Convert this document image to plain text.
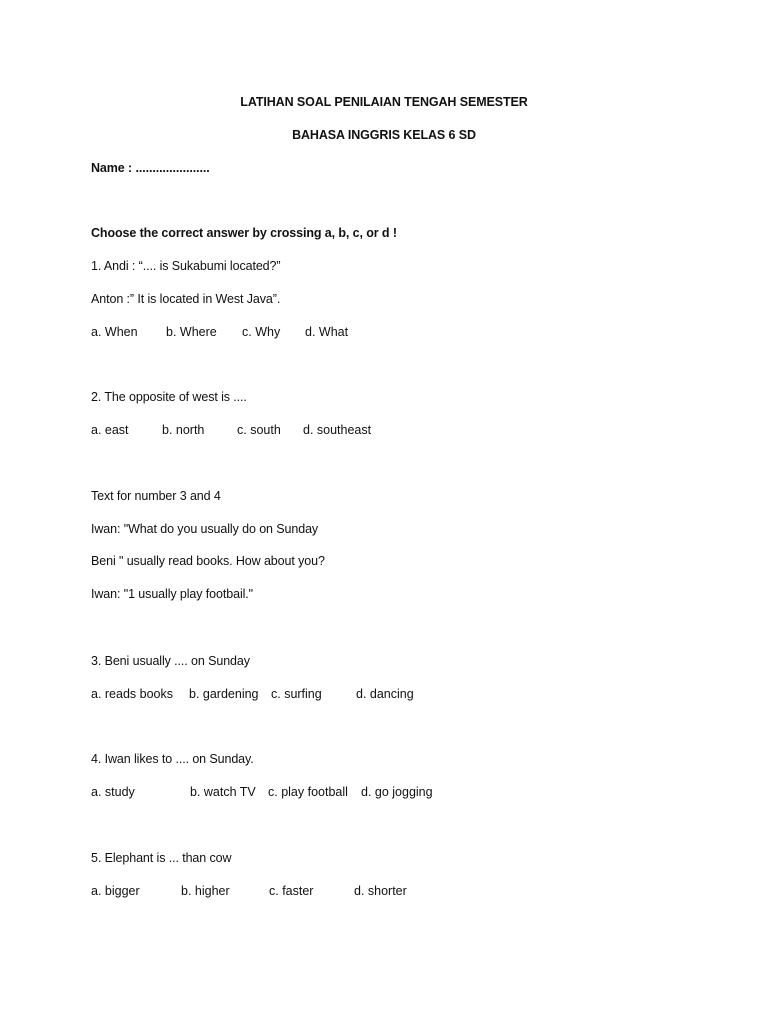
LATIHAN SOAL PENILAIAN TENGAH SEMESTER
BAHASA INGGRIS KELAS 6 SD
Name : ......................
Choose the correct answer by crossing a, b, c, or d !
1. Andi : “.... is Sukabumi located?”
Anton :” It is located in West Java”.
a. When b. Where c. Why d. What
2. The opposite of west is ....
a. east	b. north	c. south d. southeast
Text for number 3 and 4
Iwan: "What do you usually do on Sunday
Beni " usually read books. How about you?
Iwan: "1 usually play footbail."
3. Beni usually .... on Sunday
a. reads books b. gardening c. surfing	d. dancing
4. Iwan likes to .... on Sunday.
a. study	b. watch TV c. play football d. go jogging
5. Elephant is ... than cow
a. bigger	b. higher	c. faster	d. shorter
